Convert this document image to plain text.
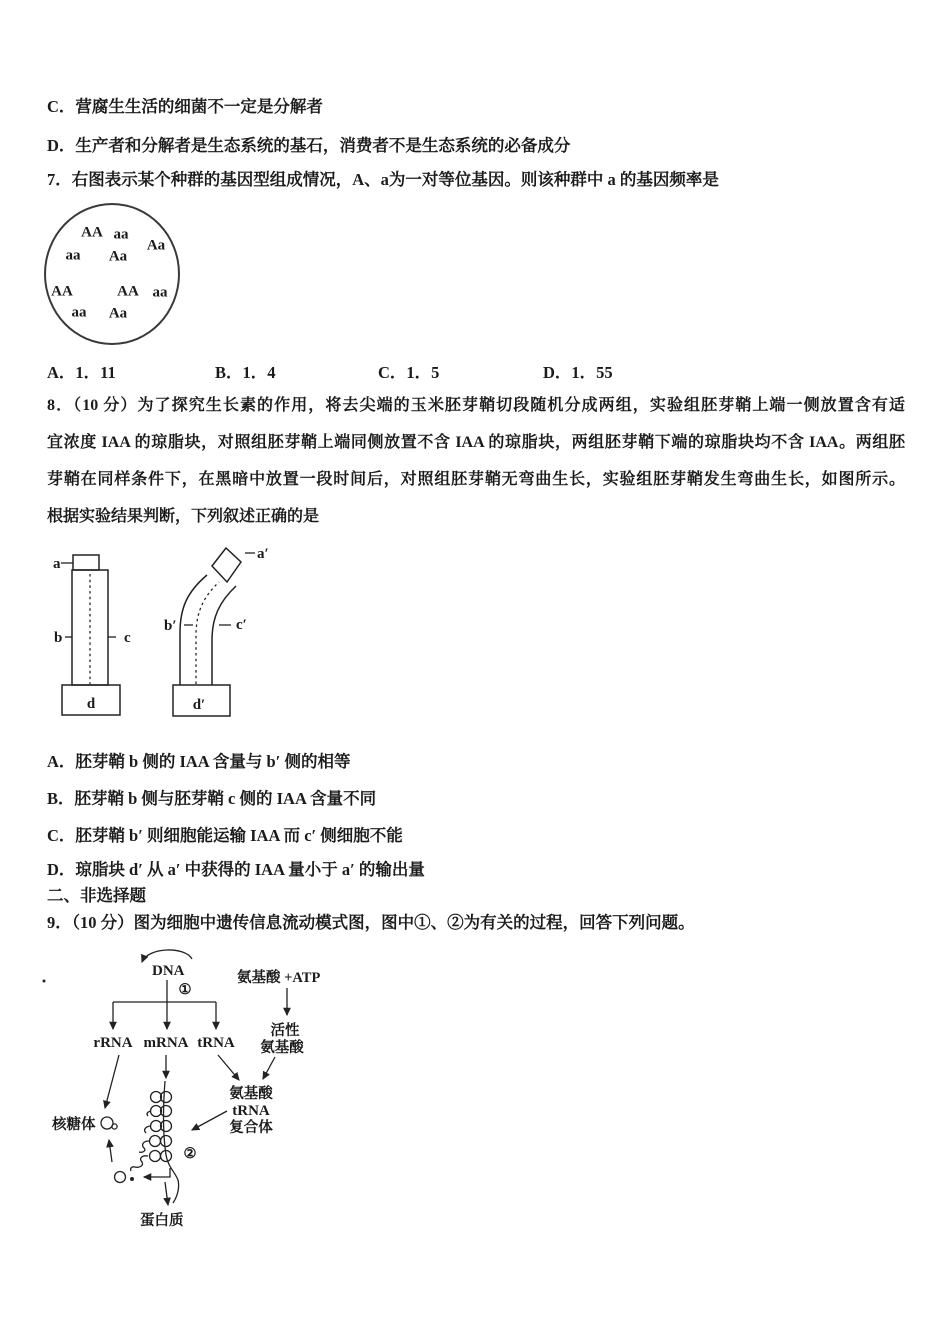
C．营腐生生活的细菌不一定是分解者
D．生产者和分解者是生态系统的基石，消费者不是生态系统的必备成分
7．右图表示某个种群的基因型组成情况，A、a为一对等位基因。则该种群中 a 的基因频率是
AA aa
Aa
aa Aa
AA	AA aa
aa Aa
A．1．11	B．1．4	C．1．5	D．1．55
8．（10 分）为了探究生长素的作用，将去尖端的玉米胚芽鞘切段随机分成两组，实验组胚芽鞘上端一侧放置含有适
宜浓度 IAA 的琼脂块，对照组胚芽鞘上端同侧放置不含 IAA 的琼脂块，两组胚芽鞘下端的琼脂块均不含 IAA。两组胚
芽鞘在同样条件下，在黑暗中放置一段时间后，对照组胚芽鞘无弯曲生长，实验组胚芽鞘发生弯曲生长，如图所示。
根据实验结果判断，下列叙述正确的是
a
b	c
d
a′
b′	c′
d′
A．胚芽鞘 b 侧的 IAA 含量与 b′ 侧的相等
B．胚芽鞘 b 侧与胚芽鞘 c 侧的 IAA 含量不同
C．胚芽鞘 b′ 则细胞能运输 IAA 而 c′ 侧细胞不能
D．琼脂块 d′ 从 a′ 中获得的 IAA 量小于 a′ 的输出量
二、非选择题
9．（10 分）图为细胞中遗传信息流动模式图，图中①、②为有关的过程，回答下列问题。
DNA
①
rRNA mRNA tRNA
氨基酸 +ATP
活性
氨基酸
氨基酸
tRNA
复合体
核糖体
②
蛋白质
